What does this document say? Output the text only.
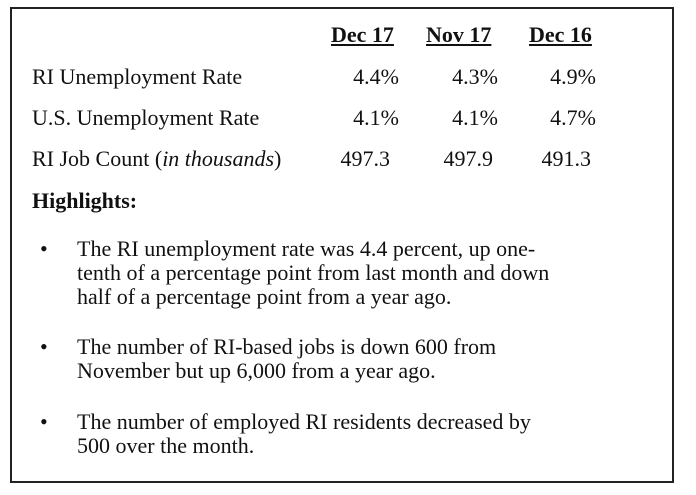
Dec 17 Nov 17 Dec 16
RI Unemployment Rate	4.4%	4.3%	4.9%
U.S. Unemployment Rate	4.1%	4.1%	4.7%
RI Job Count (in thousands)	497.3	497.9	491.3
Highlights:
• The RI unemployment rate was 4.4 percent, up one-
tenth of a percentage point from last month and down
half of a percentage point from a year ago.
• The number of RI-based jobs is down 600 from
November but up 6,000 from a year ago.
• The number of employed RI residents decreased by
500 over the month.
